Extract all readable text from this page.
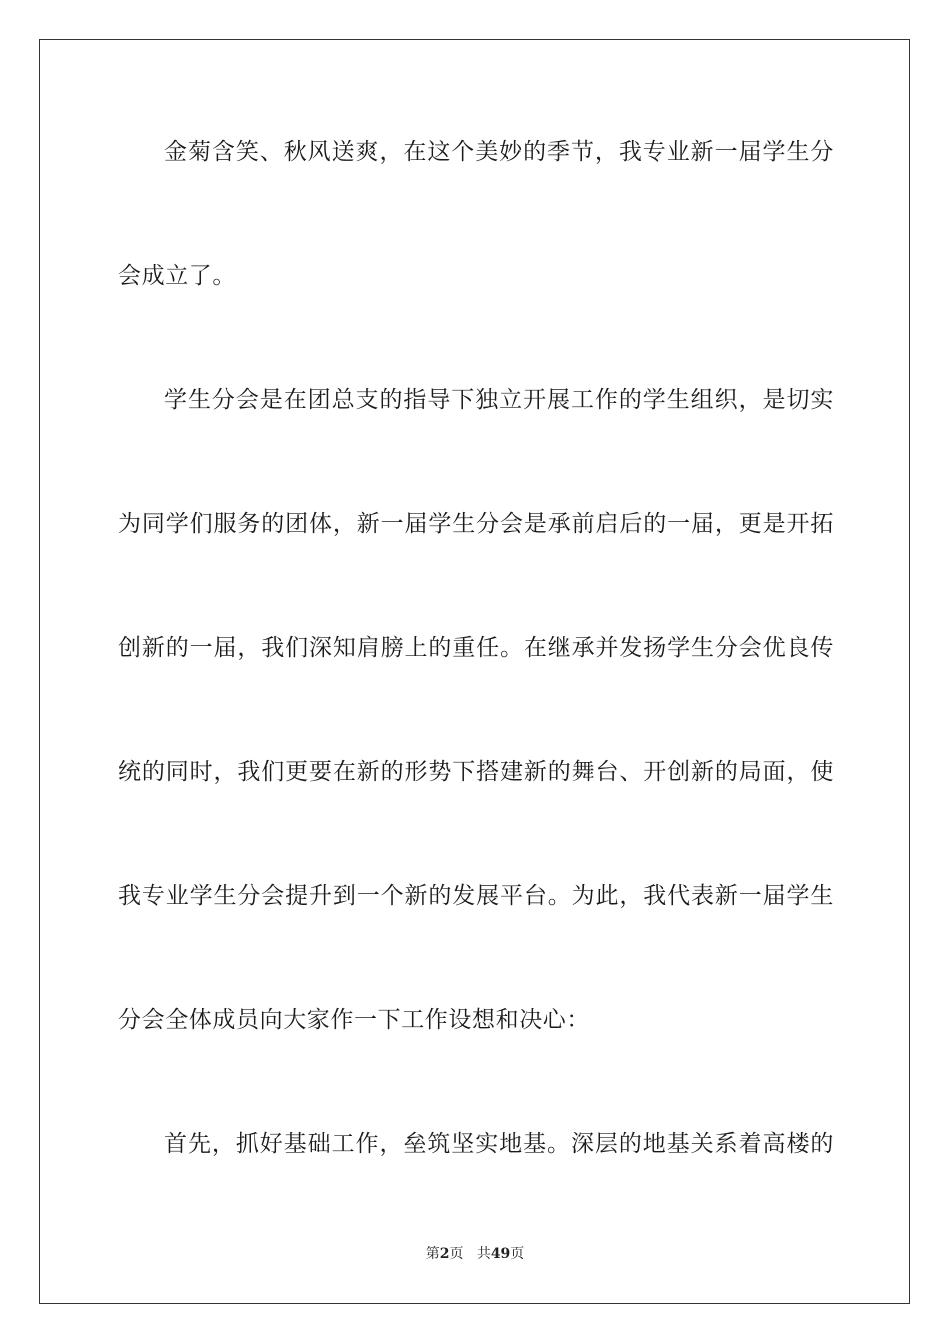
金菊含笑、秋风送爽，在这个美妙的季节，我专业新一届学生分
会成立了。
学生分会是在团总支的指导下独立开展工作的学生组织，是切实
为同学们服务的团体，新一届学生分会是承前启后的一届，更是开拓
创新的一届，我们深知肩膀上的重任。在继承并发扬学生分会优良传
统的同时，我们更要在新的形势下搭建新的舞台、开创新的局面，使
我专业学生分会提升到一个新的发展平台。为此，我代表新一届学生
分会全体成员向大家作一下工作设想和决心：
首先，抓好基础工作，垒筑坚实地基。深层的地基关系着高楼的
第2页 共49页
